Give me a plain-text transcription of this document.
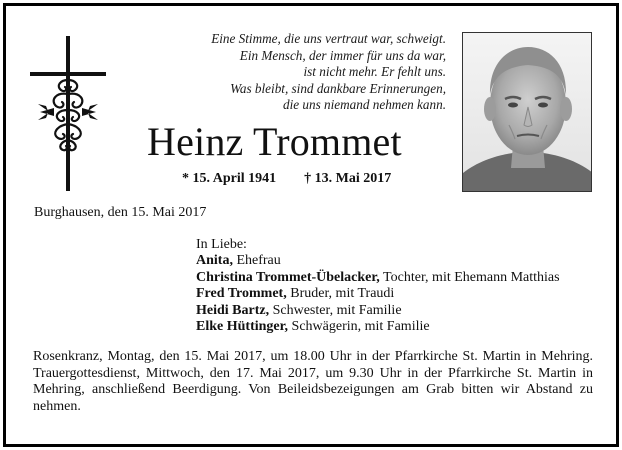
Eine Stimme, die uns vertraut war, schweigt.
Ein Mensch, der immer für uns da war,
ist nicht mehr. Er fehlt uns.
Was bleibt, sind dankbare Erinnerungen,
die uns niemand nehmen kann.
Heinz Trommet
* 15. April 1941 † 13. Mai 2017
Burghausen, den 15. Mai 2017
In Liebe:
Anita, Ehefrau
Christina Trommet-Übelacker, Tochter, mit Ehemann Matthias
Fred Trommet, Bruder, mit Traudi
Heidi Bartz, Schwester, mit Familie
Elke Hüttinger, Schwägerin, mit Familie
Rosenkranz, Montag, den 15. Mai 2017, um 18.00 Uhr in der Pfarrkirche St. Martin in Mehring. Trauergottesdienst, Mittwoch, den 17. Mai 2017, um 9.30 Uhr in der Pfarrkirche St. Martin in Mehring, anschließend Beerdigung. Von Beileidsbezeigungen am Grab bitten wir Abstand zu nehmen.
